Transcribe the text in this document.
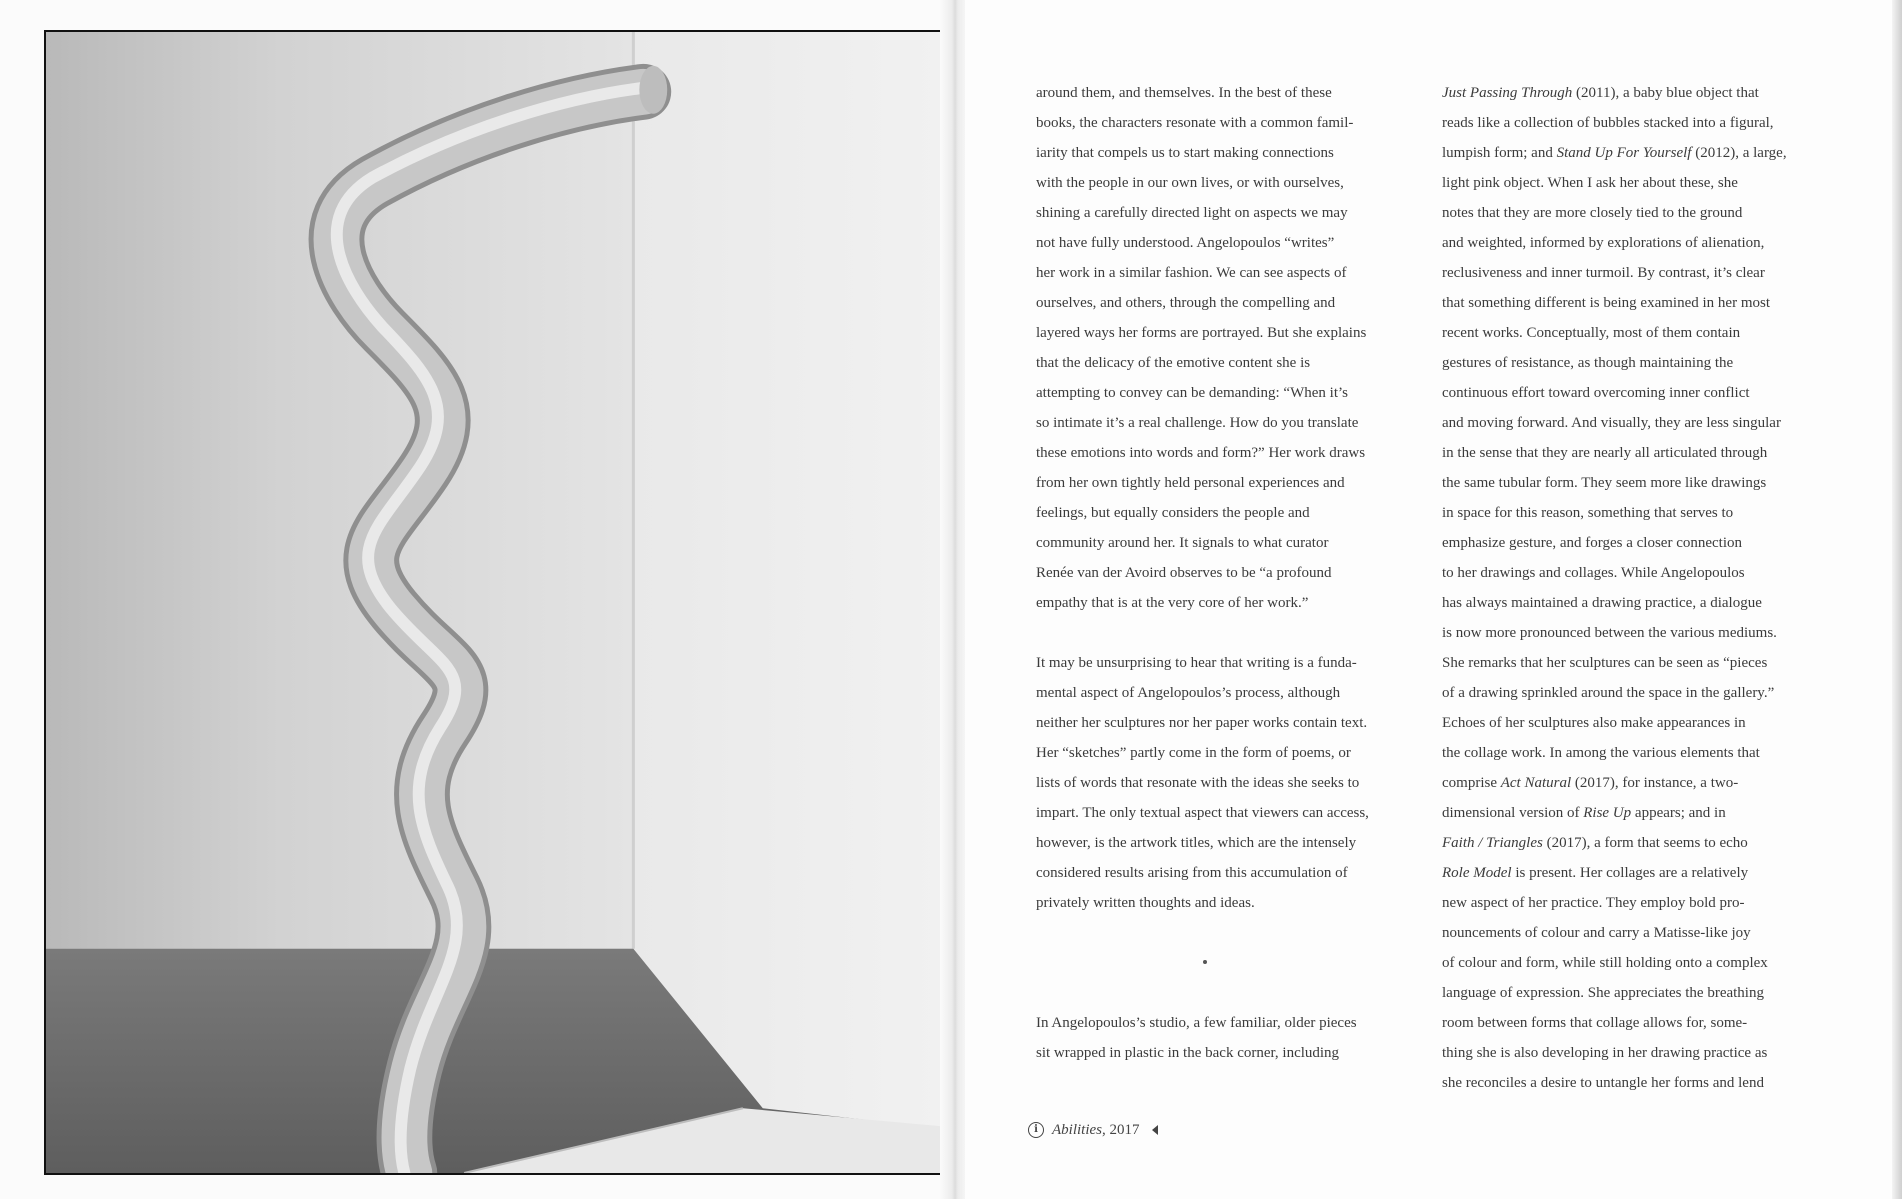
around them, and themselves. In the best of these
books, the characters resonate with a common famil-
iarity that compels us to start making connections
with the people in our own lives, or with ourselves,
shining a carefully directed light on aspects we may
not have fully understood. Angelopoulos “writes”
her work in a similar fashion. We can see aspects of
ourselves, and others, through the compelling and
layered ways her forms are portrayed. But she explains
that the delicacy of the emotive content she is
attempting to convey can be demanding: “When it’s
so intimate it’s a real challenge. How do you translate
these emotions into words and form?” Her work draws
from her own tightly held personal experiences and
feelings, but equally considers the people and
community around her. It signals to what curator
Renée van der Avoird observes to be “a profound
empathy that is at the very core of her work.”

It may be unsurprising to hear that writing is a funda-
mental aspect of Angelopoulos’s process, although
neither her sculptures nor her paper works contain text.
Her “sketches” partly come in the form of poems, or
lists of words that resonate with the ideas she seeks to
impart. The only textual aspect that viewers can access,
however, is the artwork titles, which are the intensely
considered results arising from this accumulation of
privately written thoughts and ideas.

In Angelopoulos’s studio, a few familiar, older pieces
sit wrapped in plastic in the back corner, including

Just Passing Through (2011), a baby blue object that
reads like a collection of bubbles stacked into a figural,
lumpish form; and Stand Up For Yourself (2012), a large,
light pink object. When I ask her about these, she
notes that they are more closely tied to the ground
and weighted, informed by explorations of alienation,
reclusiveness and inner turmoil. By contrast, it’s clear
that something different is being examined in her most
recent works. Conceptually, most of them contain
gestures of resistance, as though maintaining the
continuous effort toward overcoming inner conflict
and moving forward. And visually, they are less singular
in the sense that they are nearly all articulated through
the same tubular form. They seem more like drawings
in space for this reason, something that serves to
emphasize gesture, and forges a closer connection
to her drawings and collages. While Angelopoulos
has always maintained a drawing practice, a dialogue
is now more pronounced between the various mediums.
She remarks that her sculptures can be seen as “pieces
of a drawing sprinkled around the space in the gallery.”
Echoes of her sculptures also make appearances in
the collage work. In among the various elements that
comprise Act Natural (2017), for instance, a two-
dimensional version of Rise Up appears; and in
Faith / Triangles (2017), a form that seems to echo
Role Model is present. Her collages are a relatively
new aspect of her practice. They employ bold pro-
nouncements of colour and carry a Matisse-like joy
of colour and form, while still holding onto a complex
language of expression. She appreciates the breathing
room between forms that collage allows for, some-
thing she is also developing in her drawing practice as
she reconciles a desire to untangle her forms and lend

i Abilities , 2017
